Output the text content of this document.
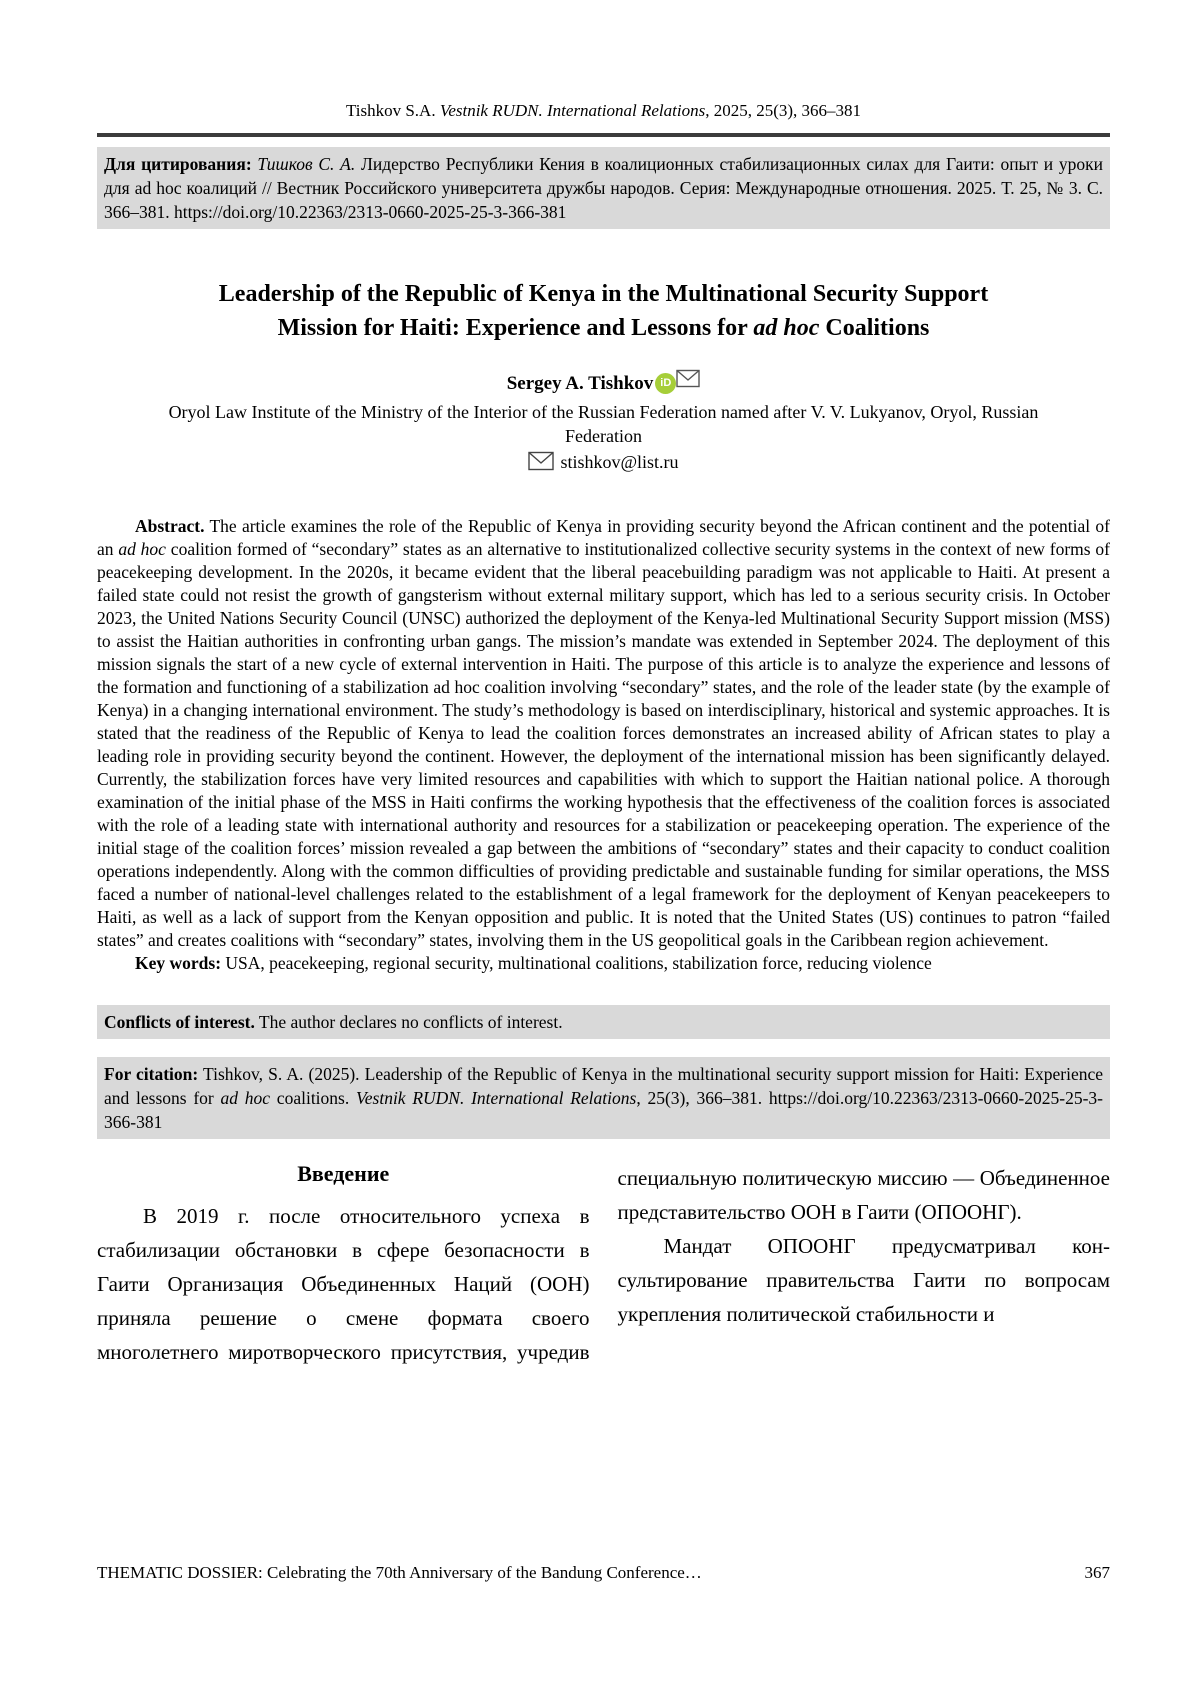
Tishkov S.A. Vestnik RUDN. International Relations, 2025, 25(3), 366–381
Для цитирования: Тишков С. А. Лидерство Республики Кения в коалиционных стабилизационных силах для Гаити: опыт и уроки для ad hoc коалиций // Вестник Российского университета дружбы народов. Серия: Международные отношения. 2025. Т. 25, № 3. С. 366–381. https://doi.org/10.22363/2313-0660-2025-25-3-366-381
Leadership of the Republic of Kenya in the Multinational Security Support
Mission for Haiti: Experience and Lessons for ad hoc Coalitions
Sergey A. Tishkov iD
Oryol Law Institute of the Ministry of the Interior of the Russian Federation named after V. V. Lukyanov, Oryol, Russian Federation
stishkov@list.ru

Abstract. The article examines the role of the Republic of Kenya in providing security beyond the African continent and the potential of an ad hoc coalition formed of “secondary” states as an alternative to institutionalized collective security systems in the context of new forms of peacekeeping development. In the 2020s, it became evident that the liberal peacebuilding paradigm was not applicable to Haiti. At present a failed state could not resist the growth of gangsterism without external military support, which has led to a serious security crisis. In October 2023, the United Nations Security Council (UNSC) authorized the deployment of the Kenya-led Multinational Security Support mission (MSS) to assist the Haitian authorities in confronting urban gangs. The mission’s mandate was extended in September 2024. The deployment of this mission signals the start of a new cycle of external intervention in Haiti. The purpose of this article is to analyze the experience and lessons of the formation and functioning of a stabilization ad hoc coalition involving “secondary” states, and the role of the leader state (by the example of Kenya) in a changing international environment. The study’s methodology is based on interdisciplinary, historical and systemic approaches. It is stated that the readiness of the Republic of Kenya to lead the coalition forces demonstrates an increased ability of African states to play a leading role in providing security beyond the continent. However, the deployment of the international mission has been significantly delayed. Currently, the stabilization forces have very limited resources and capabilities with which to support the Haitian national police. A thorough examination of the initial phase of the MSS in Haiti confirms the working hypothesis that the effectiveness of the coalition forces is associated with the role of a leading state with international authority and resources for a stabilization or peacekeeping operation. The experience of the initial stage of the coalition forces’ mission revealed a gap between the ambitions of “secondary” states and their capacity to conduct coalition operations independently. Along with the common difficulties of providing predictable and sustainable funding for similar operations, the MSS faced a number of national-level challenges related to the establishment of a legal framework for the deployment of Kenyan peacekeepers to Haiti, as well as a lack of support from the Kenyan opposition and public. It is noted that the United States (US) continues to patron “failed states” and creates coalitions with “secondary” states, involving them in the US geopolitical goals in the Caribbean region achievement.

Key words: USA, peacekeeping, regional security, multinational coalitions, stabilization force, reducing violence

Conflicts of interest. The author declares no conflicts of interest.
For citation: Tishkov, S. A. (2025). Leadership of the Republic of Kenya in the multinational security support mission for Haiti: Experience and lessons for ad hoc coalitions. Vestnik RUDN. International Relations, 25(3), 366–381. https://doi.org/10.22363/2313-0660-2025-25-3-366-381
Введение

В 2019 г. после относительного успеха в стабилизации обстановки в сфере безопасности в Гаити Организация Объединенных Наций (ООН) приняла решение о смене формата своего многолетнего миротворческого присутствия, учредив специальную политическую миссию — Объединенное представительство ООН в Гаити (ОПООНГ).

Мандат ОПООНГ предусматривал консультирование правительства Гаити по вопросам укрепления политической стабильности и

THEMATIC DOSSIER: Celebrating the 70th Anniversary of the Bandung Conference…	367
